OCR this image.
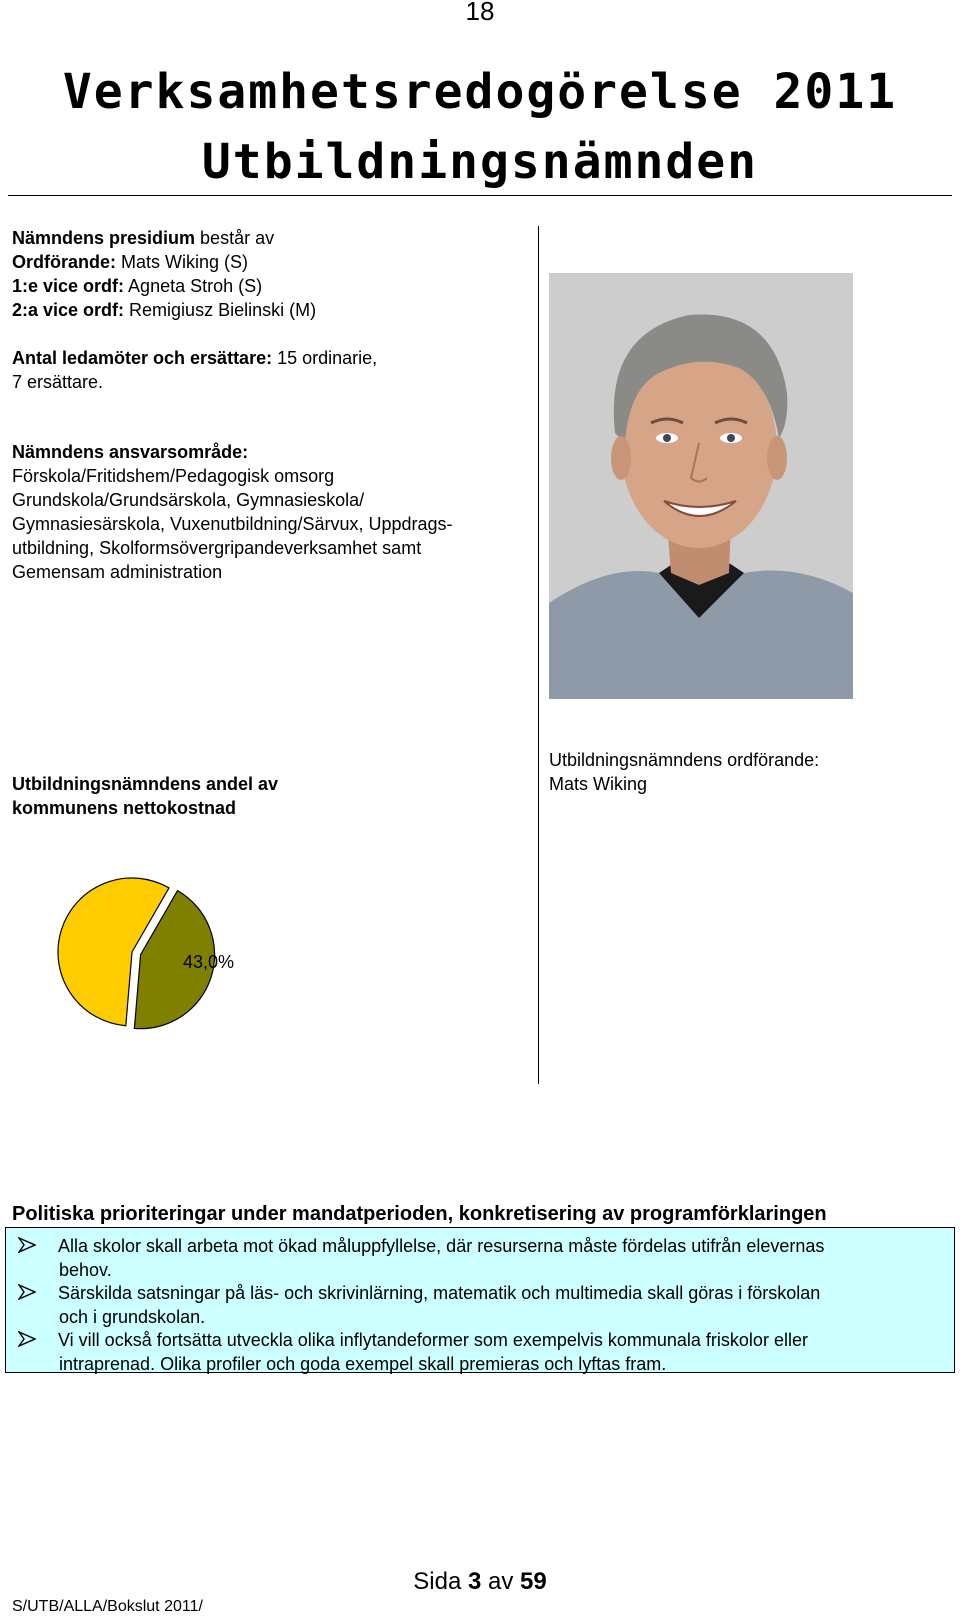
18
Verksamhetsredogörelse 2011
Utbildningsnämnden
Nämndens presidium består av
Ordförande: Mats Wiking (S)
1:e vice ordf: Agneta Stroh (S)
2:a vice ordf: Remigiusz Bielinski (M)
Antal ledamöter och ersättare: 15 ordinarie,
7 ersättare.
Nämndens ansvarsområde:
Förskola/Fritidshem/Pedagogisk omsorg
Grundskola/Grundsärskola, Gymnasieskola/
Gymnasiesärskola, Vuxenutbildning/Särvux, Uppdrags-
utbildning, Skolformsövergripandeverksamhet samt
Gemensam administration
Utbildningsnämndens andel av
kommunens nettokostnad
Utbildningsnämndens ordförande:
Mats Wiking
43,0%
Politiska prioriteringar under mandatperioden, konkretisering av programförklaringen
Alla skolor skall arbeta mot ökad måluppfyllelse, där resurserna måste fördelas utifrån elevernas
behov.
Särskilda satsningar på läs- och skrivinlärning, matematik och multimedia skall göras i förskolan
och i grundskolan.
Vi vill också fortsätta utveckla olika inflytandeformer som exempelvis kommunala friskolor eller
intraprenad. Olika profiler och goda exempel skall premieras och lyftas fram.
Sida 3 av 59
S/UTB/ALLA/Bokslut 2011/
